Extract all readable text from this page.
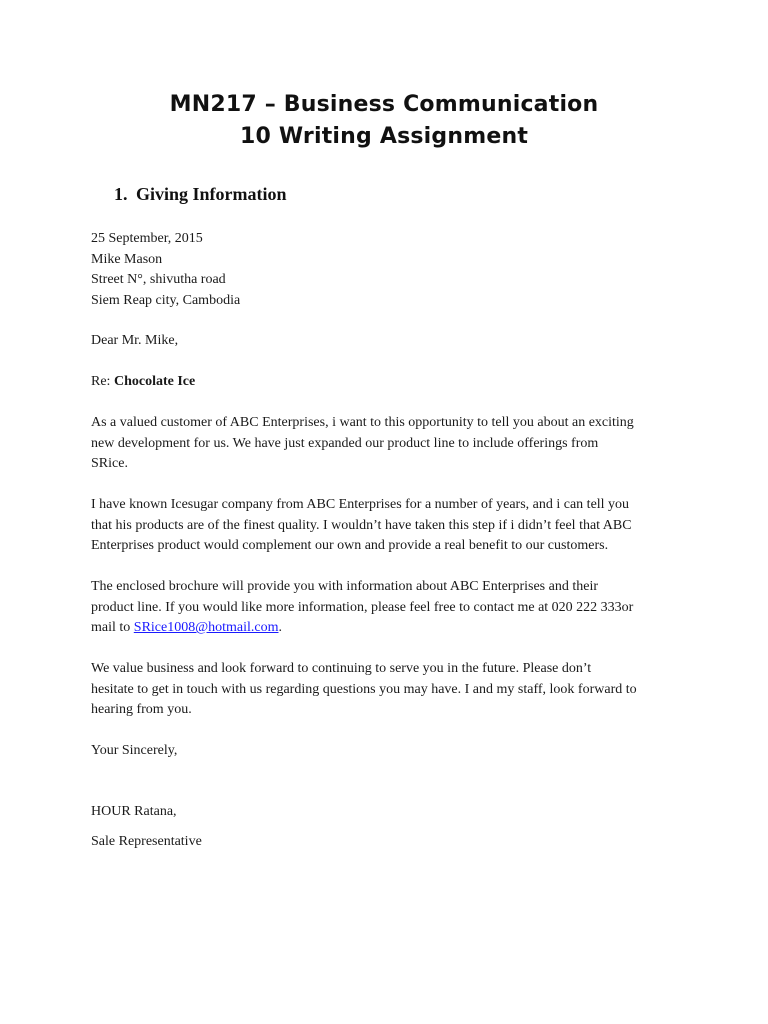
MN217 – Business Communication
10 Writing Assignment
1. Giving Information
25 September, 2015
Mike Mason
Street N°, shivutha road
Siem Reap city, Cambodia
Dear Mr. Mike,
Re: Chocolate Ice
As a valued customer of ABC Enterprises, i want to this opportunity to tell you about an exciting
new development for us. We have just expanded our product line to include offerings from
SRice.
I have known Icesugar company from ABC Enterprises for a number of years, and i can tell you
that his products are of the finest quality. I wouldn’t have taken this step if i didn’t feel that ABC
Enterprises product would complement our own and provide a real benefit to our customers.
The enclosed brochure will provide you with information about ABC Enterprises and their
product line. If you would like more information, please feel free to contact me at 020 222 333or
mail to SRice1008@hotmail.com.
We value business and look forward to continuing to serve you in the future. Please don’t
hesitate to get in touch with us regarding questions you may have. I and my staff, look forward to
hearing from you.
Your Sincerely,
HOUR Ratana,
Sale Representative
